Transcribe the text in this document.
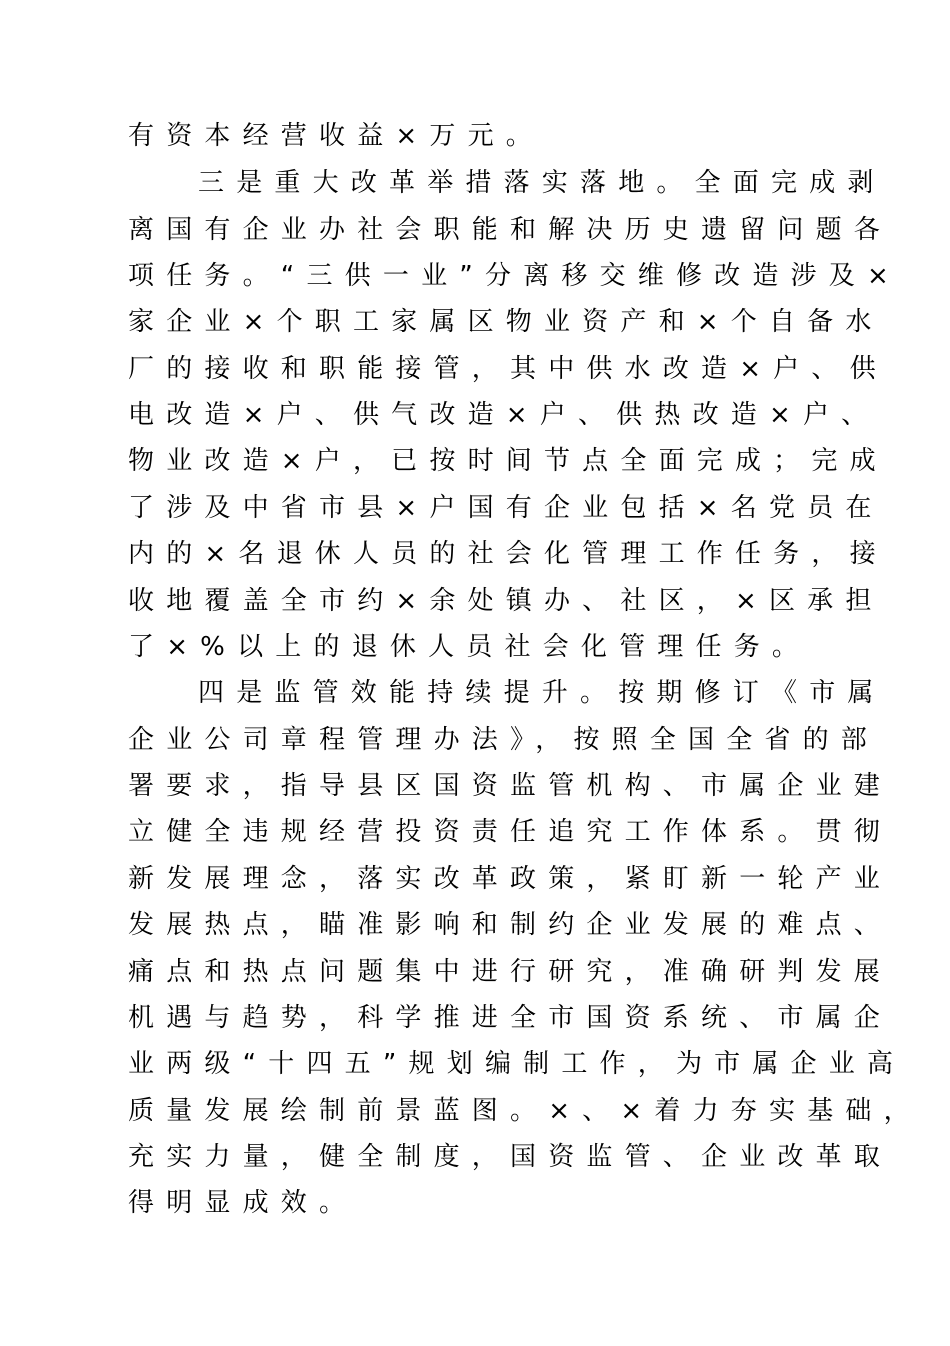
有资本经营收益×万元。
三是重大改革举措落实落地。全面完成剥
离国有企业办社会职能和解决历史遗留问题各
项任务。“三供一业”分离移交维修改造涉及×
家企业×个职工家属区物业资产和×个自备水
厂的接收和职能接管，其中供水改造×户、供
电改造×户、供气改造×户、供热改造×户、
物业改造×户，已按时间节点全面完成；完成
了涉及中省市县×户国有企业包括×名党员在
内的×名退休人员的社会化管理工作任务，接
收地覆盖全市约×余处镇办、社区，×区承担
了×%以上的退休人员社会化管理任务。
四是监管效能持续提升。按期修订《市属
企业公司章程管理办法》，按照全国全省的部
署要求，指导县区国资监管机构、市属企业建
立健全违规经营投资责任追究工作体系。贯彻
新发展理念，落实改革政策，紧盯新一轮产业
发展热点，瞄准影响和制约企业发展的难点、
痛点和热点问题集中进行研究，准确研判发展
机遇与趋势，科学推进全市国资系统、市属企
业两级“十四五”规划编制工作，为市属企业高
质量发展绘制前景蓝图。×、×着力夯实基础，
充实力量，健全制度，国资监管、企业改革取
得明显成效。
